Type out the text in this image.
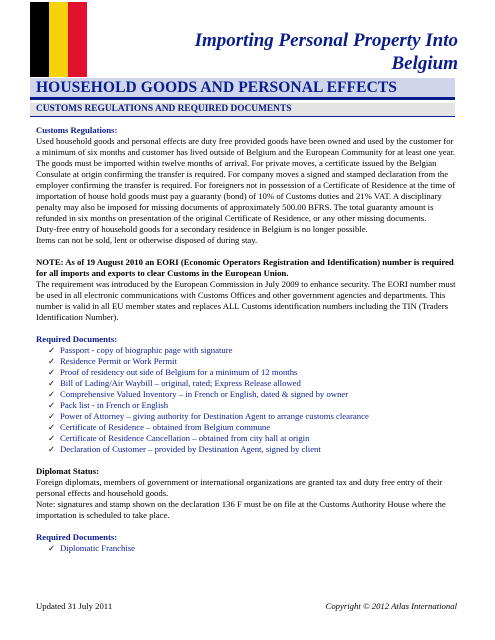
Importing Personal Property Into
Belgium
HOUSEHOLD GOODS AND PERSONAL EFFECTS
CUSTOMS REGULATIONS AND REQUIRED DOCUMENTS
Customs Regulations:
Used household goods and personal effects are duty free provided goods have been owned and used by the customer for a minimum of six months and customer has lived outside of Belgium and the European Community for at least one year. The goods must be imported within twelve months of arrival. For private moves, a certificate issued by the Belgian Consulate at origin confirming the transfer is required. For company moves a signed and stamped declaration from the employer confirming the transfer is required. For foreigners not in possession of a Certificate of Residence at the time of importation of house hold goods must pay a guaranty (bond) of 10% of Customs duties and 21% VAT. A disciplinary penalty may also be imposed for missing documents of approximately 500.00 BFRS. The total guaranty amount is refunded in six months on presentation of the original Certificate of Residence, or any other missing documents.
Duty-free entry of household goods for a secondary residence in Belgium is no longer possible.
Items can not be sold, lent or otherwise disposed of during stay.
NOTE: As of 19 August 2010 an EORI (Economic Operators Registration and Identification) number is required for all imports and exports to clear Customs in the European Union.
The requirement was introduced by the European Commission in July 2009 to enhance security. The EORI number must be used in all electronic communications with Customs Offices and other government agencies and departments. This number is valid in all EU member states and replaces ALL Customs identification numbers including the TIN (Traders Identification Number).
Required Documents:
✓ Passport - copy of biographic page with signature
✓ Residence Permit or Work Permit
✓ Proof of residency out side of Belgium for a minimum of 12 months
✓ Bill of Lading/Air Waybill – original, rated; Express Release allowed
✓ Comprehensive Valued Inventory – in French or English, dated & signed by owner
✓ Pack list - in French or English
✓ Power of Attorney – giving authority for Destination Agent to arrange customs clearance
✓ Certificate of Residence – obtained from Belgium commune
✓ Certificate of Residence Cancellation – obtained from city hall at origin
✓ Declaration of Customer – provided by Destination Agent, signed by client
Diplomat Status:
Foreign diplomats, members of government or international organizations are granted tax and duty free entry of their personal effects and household goods.
Note: signatures and stamp shown on the declaration 136 F must be on file at the Customs Authority House where the importation is scheduled to take place.
Required Documents:
✓ Diplomatic Franchise
Updated 31 July 2011	Copyright © 2012 Atlas International
